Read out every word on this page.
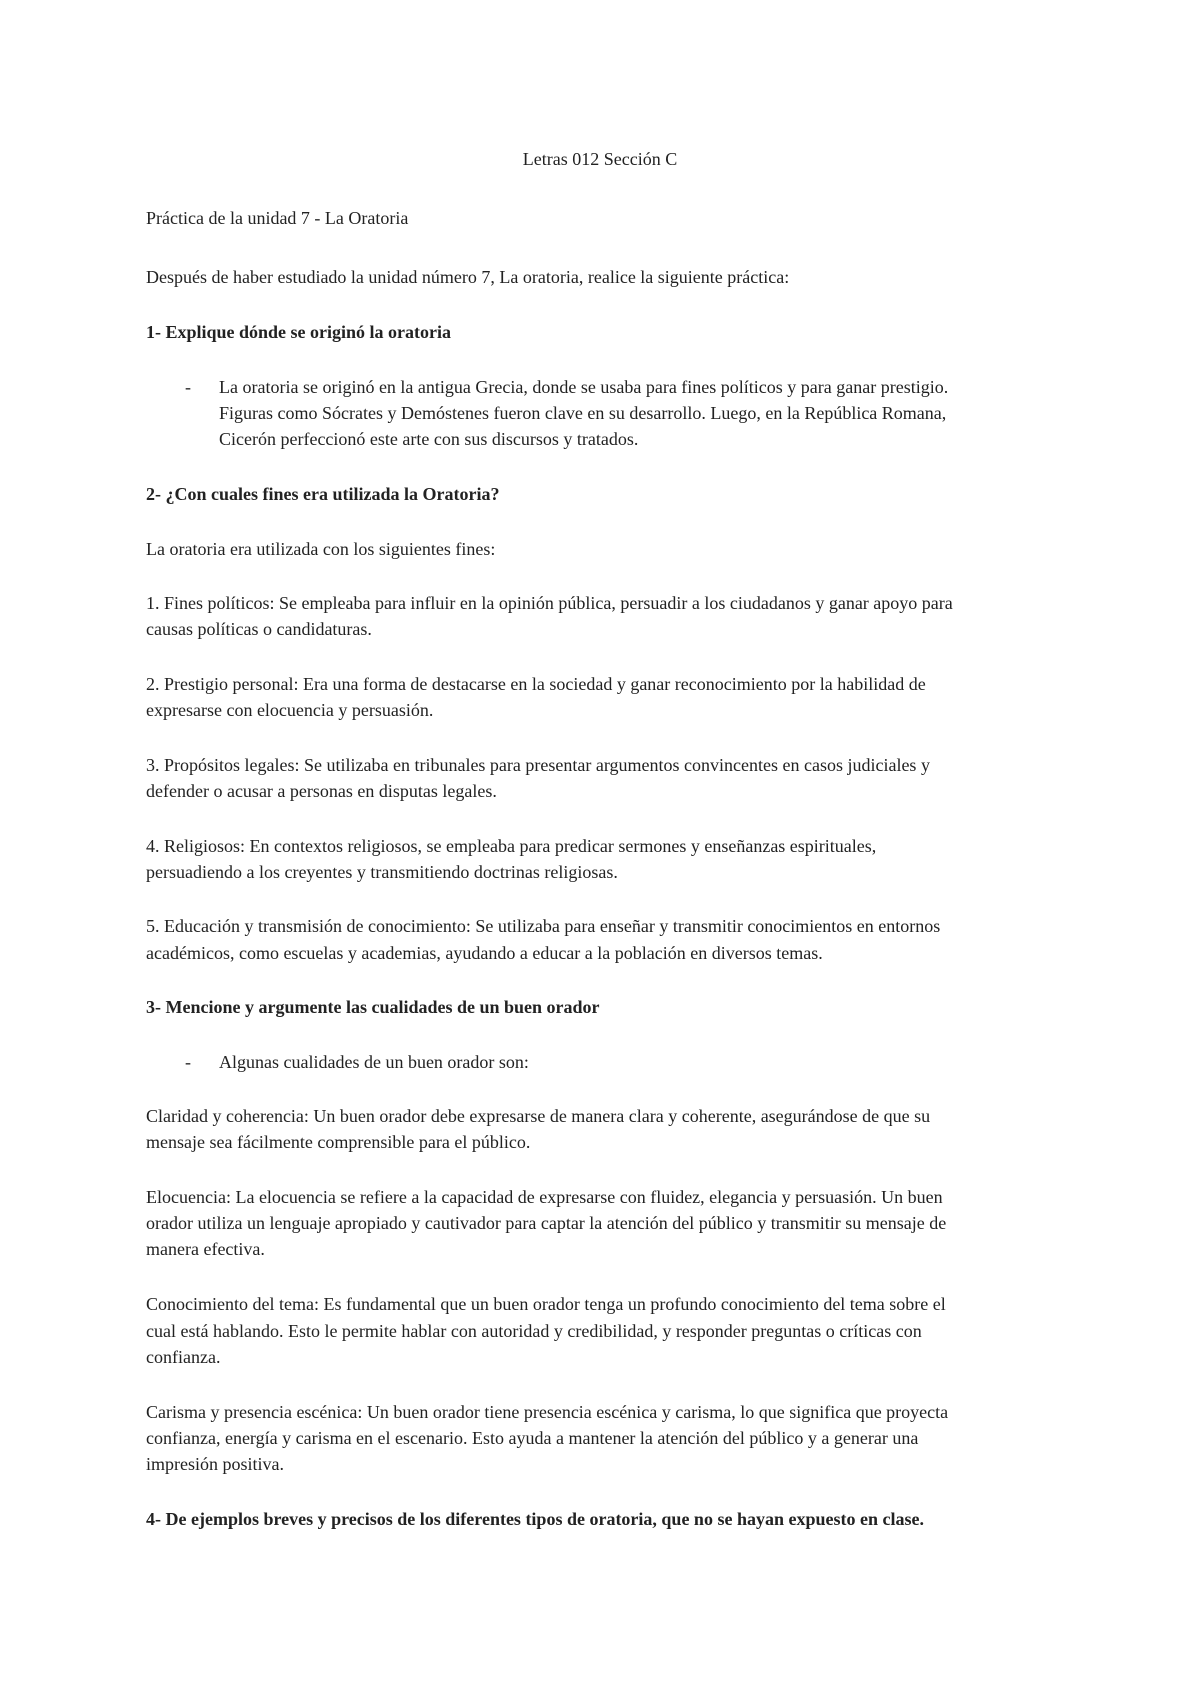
Letras 012 Sección C

Práctica de la unidad 7 - La Oratoria

Después de haber estudiado la unidad número 7, La oratoria, realice la siguiente práctica:

1- Explique dónde se originó la oratoria

- La oratoria se originó en la antigua Grecia, donde se usaba para fines políticos y para ganar prestigio.

Figuras como Sócrates y Demóstenes fueron clave en su desarrollo. Luego, en la República Romana,

Cicerón perfeccionó este arte con sus discursos y tratados.

2- ¿Con cuales fines era utilizada la Oratoria?

La oratoria era utilizada con los siguientes fines:

1. Fines políticos: Se empleaba para influir en la opinión pública, persuadir a los ciudadanos y ganar apoyo para

causas políticas o candidaturas.

2. Prestigio personal: Era una forma de destacarse en la sociedad y ganar reconocimiento por la habilidad de

expresarse con elocuencia y persuasión.

3. Propósitos legales: Se utilizaba en tribunales para presentar argumentos convincentes en casos judiciales y

defender o acusar a personas en disputas legales.

4. Religiosos: En contextos religiosos, se empleaba para predicar sermones y enseñanzas espirituales,

persuadiendo a los creyentes y transmitiendo doctrinas religiosas.

5. Educación y transmisión de conocimiento: Se utilizaba para enseñar y transmitir conocimientos en entornos

académicos, como escuelas y academias, ayudando a educar a la población en diversos temas.

3- Mencione y argumente las cualidades de un buen orador

- Algunas cualidades de un buen orador son:

Claridad y coherencia: Un buen orador debe expresarse de manera clara y coherente, asegurándose de que su

mensaje sea fácilmente comprensible para el público.

Elocuencia: La elocuencia se refiere a la capacidad de expresarse con fluidez, elegancia y persuasión. Un buen

orador utiliza un lenguaje apropiado y cautivador para captar la atención del público y transmitir su mensaje de

manera efectiva.

Conocimiento del tema: Es fundamental que un buen orador tenga un profundo conocimiento del tema sobre el

cual está hablando. Esto le permite hablar con autoridad y credibilidad, y responder preguntas o críticas con

confianza.

Carisma y presencia escénica: Un buen orador tiene presencia escénica y carisma, lo que significa que proyecta

confianza, energía y carisma en el escenario. Esto ayuda a mantener la atención del público y a generar una

impresión positiva.

4- De ejemplos breves y precisos de los diferentes tipos de oratoria, que no se hayan expuesto en clase.
